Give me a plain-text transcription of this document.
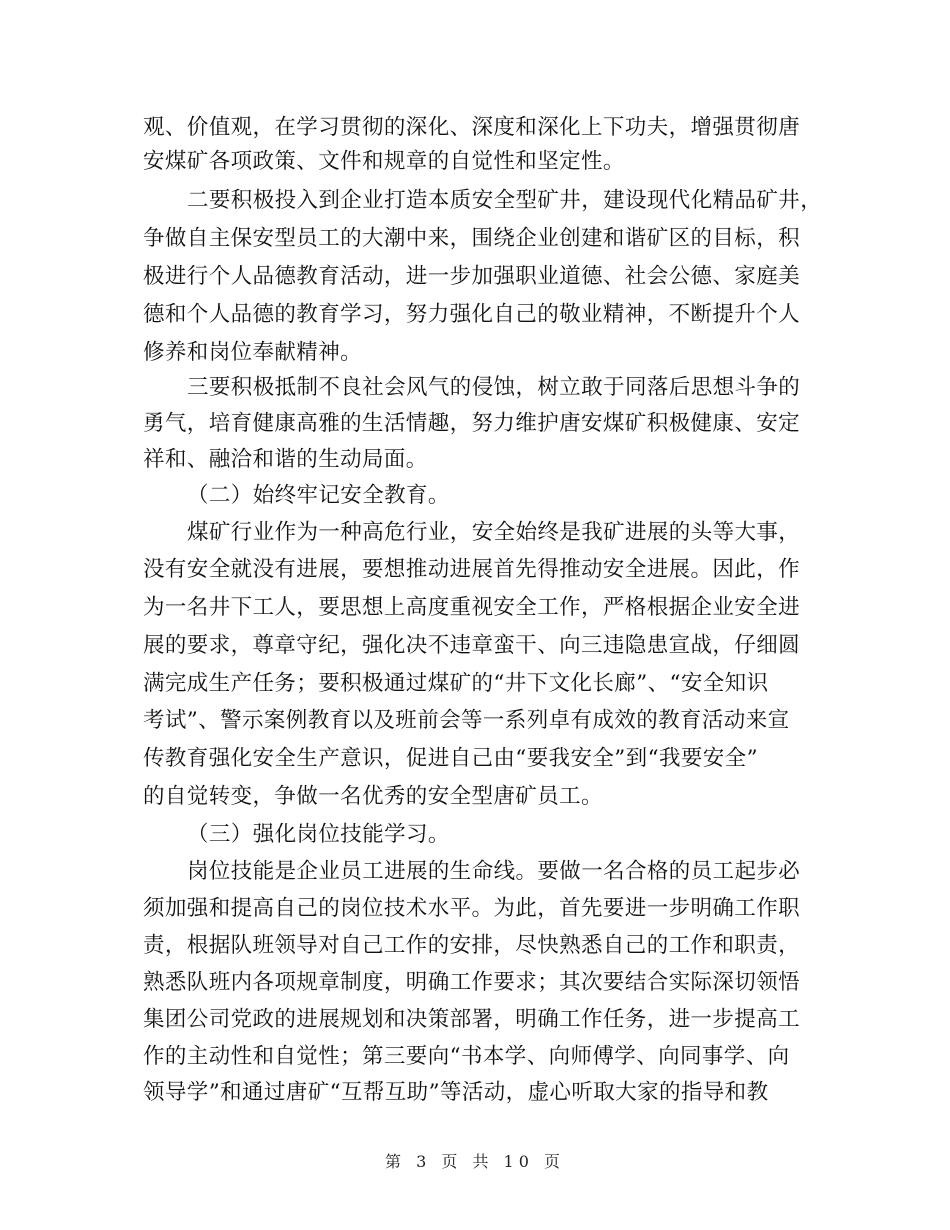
观、价值观，在学习贯彻的深化、深度和深化上下功夫，增强贯彻唐
安煤矿各项政策、文件和规章的自觉性和坚定性。
二要积极投入到企业打造本质安全型矿井，建设现代化精品矿井，
争做自主保安型员工的大潮中来，围绕企业创建和谐矿区的目标，积
极进行个人品德教育活动，进一步加强职业道德、社会公德、家庭美
德和个人品德的教育学习，努力强化自己的敬业精神，不断提升个人
修养和岗位奉献精神。
三要积极抵制不良社会风气的侵蚀，树立敢于同落后思想斗争的
勇气，培育健康高雅的生活情趣，努力维护唐安煤矿积极健康、安定
祥和、融洽和谐的生动局面。
（二）始终牢记安全教育。
煤矿行业作为一种高危行业，安全始终是我矿进展的头等大事，
没有安全就没有进展，要想推动进展首先得推动安全进展。因此，作
为一名井下工人，要思想上高度重视安全工作，严格根据企业安全进
展的要求，尊章守纪，强化决不违章蛮干、向三违隐患宣战，仔细圆
满完成生产任务；要积极通过煤矿的“井下文化长廊”、“安全知识
考试”、警示案例教育以及班前会等一系列卓有成效的教育活动来宣
传教育强化安全生产意识，促进自己由“要我安全”到“我要安全”
的自觉转变，争做一名优秀的安全型唐矿员工。
（三）强化岗位技能学习。
岗位技能是企业员工进展的生命线。要做一名合格的员工起步必
须加强和提高自己的岗位技术水平。为此，首先要进一步明确工作职
责，根据队班领导对自己工作的安排，尽快熟悉自己的工作和职责，
熟悉队班内各项规章制度，明确工作要求；其次要结合实际深切领悟
集团公司党政的进展规划和决策部署，明确工作任务，进一步提高工
作的主动性和自觉性；第三要向“书本学、向师傅学、向同事学、向
领导学”和通过唐矿“互帮互助”等活动，虚心听取大家的指导和教
第 3 页 共 10 页
